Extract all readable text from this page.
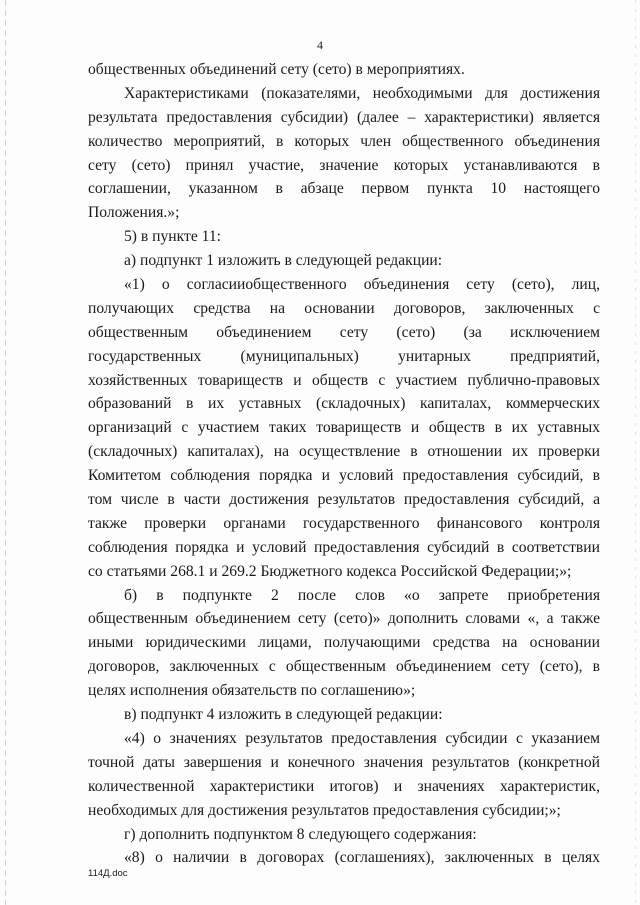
4
общественных объединений сету (сето) в мероприятиях.
Характеристиками (показателями, необходимыми для достижения
результата предоставления субсидии) (далее – характеристики) является
количество мероприятий, в которых член общественного объединения
сету (сето) принял участие, значение которых устанавливаются в
соглашении, указанном в абзаце первом пункта 10 настоящего
Положения.»;
5) в пункте 11:
а) подпункт 1 изложить в следующей редакции:
«1) о согласииобщественного объединения сету (сето), лиц,
получающих средства на основании договоров, заключенных с
общественным объединением сету (сето) (за исключением
государственных (муниципальных) унитарных предприятий,
хозяйственных товариществ и обществ с участием публично-правовых
образований в их уставных (складочных) капиталах, коммерческих
организаций с участием таких товариществ и обществ в их уставных
(складочных) капиталах), на осуществление в отношении их проверки
Комитетом соблюдения порядка и условий предоставления субсидий, в
том числе в части достижения результатов предоставления субсидий, а
также проверки органами государственного финансового контроля
соблюдения порядка и условий предоставления субсидий в соответствии
со статьями 268.1 и 269.2 Бюджетного кодекса Российской Федерации;»;
б) в подпункте 2 после слов «о запрете приобретения
общественным объединением сету (сето)» дополнить словами «, а также
иными юридическими лицами, получающими средства на основании
договоров, заключенных с общественным объединением сету (сето), в
целях исполнения обязательств по соглашению»;
в) подпункт 4 изложить в следующей редакции:
«4) о значениях результатов предоставления субсидии с указанием
точной даты завершения и конечного значения результатов (конкретной
количественной характеристики итогов) и значениях характеристик,
необходимых для достижения результатов предоставления субсидии;»;
г) дополнить подпунктом 8 следующего содержания:
«8) о наличии в договорах (соглашениях), заключенных в целях
114Д.doc
